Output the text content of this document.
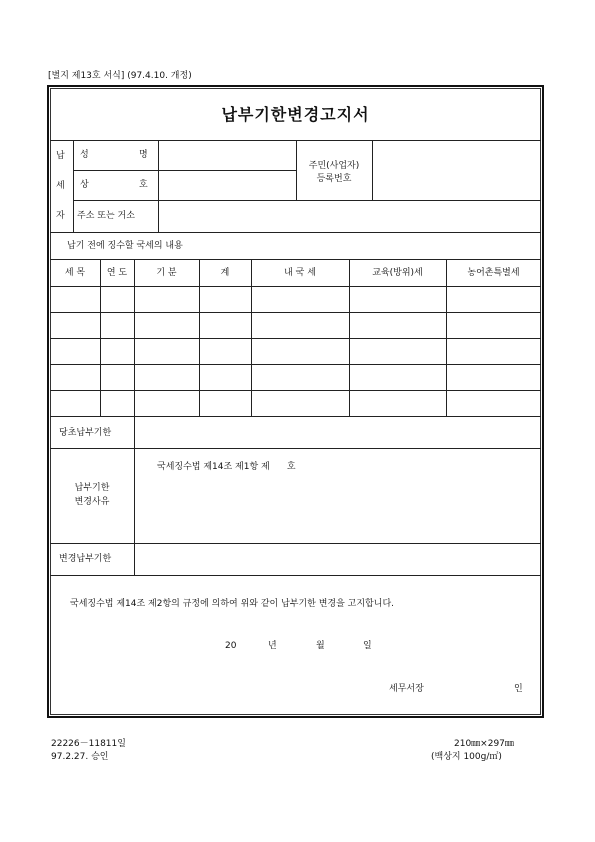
[별지 제13호 서식] (97.4.10. 개정)
납부기한변경고지서
납
세
자
성	명
상	호
주소 또는 거소
주민(사업자)
등록번호
납기 전에 징수할 국세의 내용
세 목	연 도	기 분	계	내 국 세	교육(방위)세	농어촌특별세
당초납부기한
납부기한
변경사유
국세징수법 제14조 제1항 제      호
변경납부기한
국세징수법 제14조 제2항의 규정에 의하여 위와 같이 납부기한 변경을 고지합니다.
20	년	월	일
세무서장	인
22226－11811일
97.2.27. 승인
210㎜×297㎜
(백상지 100g/㎡)
